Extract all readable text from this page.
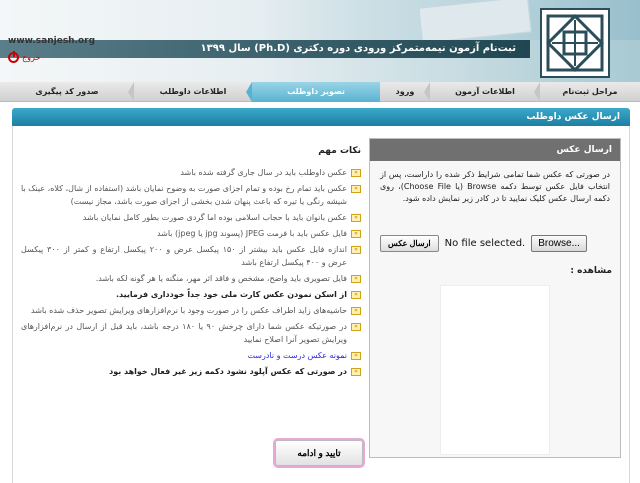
ثبت‌نام آزمون نیمه‌متمرکز ورودی دوره دکتری (Ph.D) سال ۱۳۹۹
www.sanjesh.org
خروج
مراحل ثبت‌نام
اطلاعات آزمون
ورود
تصویر داوطلب
اطلاعات داوطلب
صدور کد پیگیری
ارسال عکس داوطلب
ارسال عکس
در صورتی که عکس شما تمامی شرایط ذکر شده را داراست، پس از انتخاب فایل عکس توسط دکمه Browse (یا Choose File)، روی دکمه ارسال عکس کلیک نمایید تا در کادر زیر نمایش داده شود.
ارسال عکس	No file selected.	Browse...
مشاهده :
نکات مهم
»
عکس داوطلب باید در سال جاری گرفته شده باشد
»
عکس باید تمام رخ بوده و تمام اجزای صورت به وضوح نمایان باشد (استفاده از شال، کلاه، عینک با شیشه رنگی یا تیره که باعث پنهان شدن بخشی از اجزای صورت باشد، مجاز نیست)
»
عکس بانوان باید با حجاب اسلامی بوده اما گردی صورت بطور کامل نمایان باشد
»
فایل عکس باید با فرمت JPEG (پسوند jpg یا jpeg) باشد
»
اندازه فایل عکس باید بیشتر از ۱۵۰ پیکسل عرض و ۲۰۰ پیکسل ارتفاع و کمتر از ۳۰۰ پیکسل عرض و ۴۰۰ پیکسل ارتفاع باشد
»
فایل تصویری باید واضح، مشخص و فاقد اثر مهر، منگنه یا هر گونه لکه باشد.
»
از اسکن نمودن عکس کارت ملی خود جداً خودداری فرمایید.
»
حاشیه‌های زاید اطراف عکس را در صورت وجود با نرم‌افزارهای ویرایش تصویر حذف شده باشد
»
در صورتیکه عکس شما دارای چرخش ۹۰ یا ۱۸۰ درجه باشد، باید قبل از ارسال در نرم‌افزارهای ویرایش تصویر آنرا اصلاح نمایید
»
نمونه عکس درست و نادرست
»
در صورتی که عکس آپلود نشود دکمه زیر غیر فعال خواهد بود
تایید و ادامه
